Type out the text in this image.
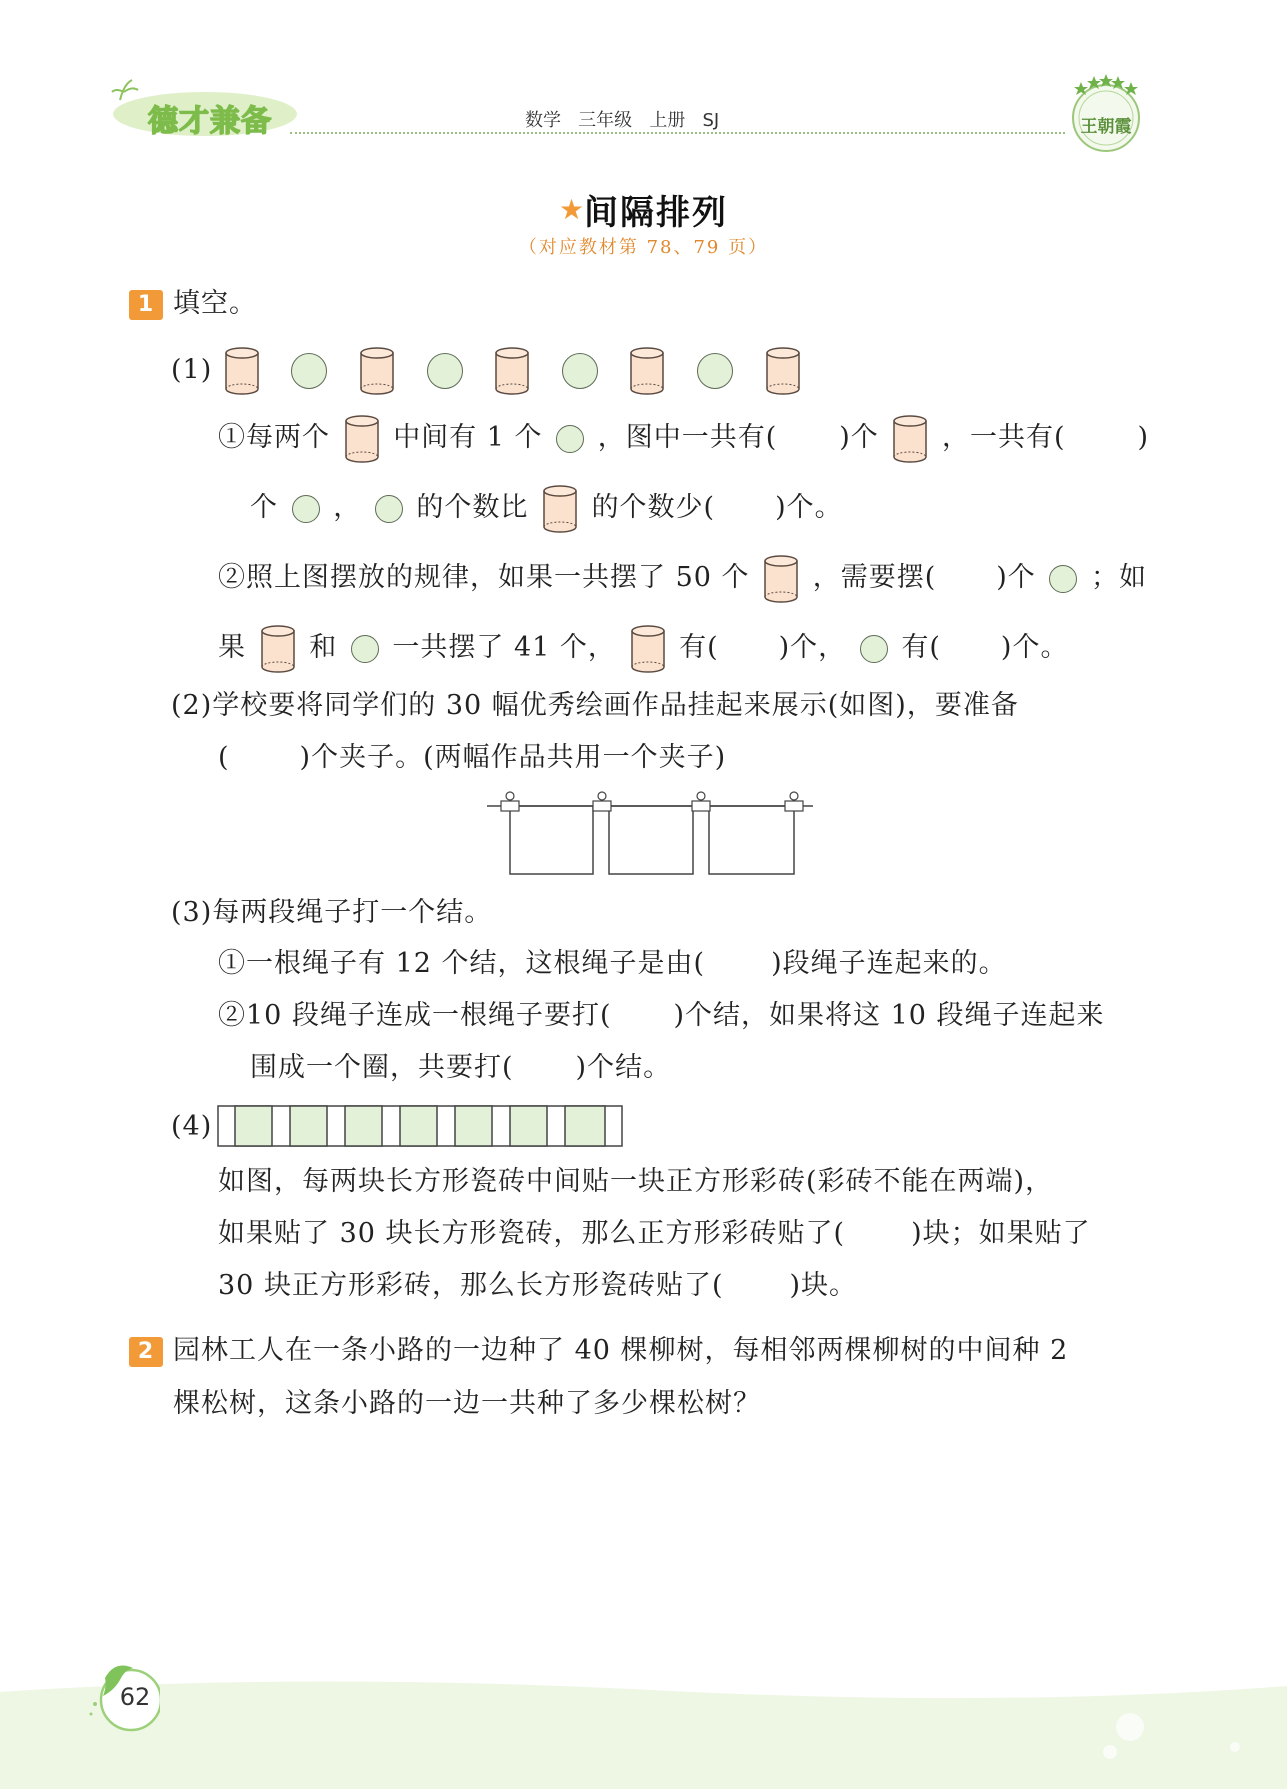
德才兼备	数学   三年级   上册   SJ	王朝霞
★间隔排列
（对应教材第 78、79 页）
1 填空。
(1)
①每两个 中间有 1 个 ，图中一共有( )个 ，一共有(	)
个 ， 的个数比 的个数少( )个。
②照上图摆放的规律，如果一共摆了 50 个 ，需要摆( )个 ；如
果 和 一共摆了 41 个， 有( )个， 有( )个。
(2)学校要将同学们的 30 幅优秀绘画作品挂起来展示(如图)，要准备
(	)个夹子。(两幅作品共用一个夹子)
(3)每两段绳子打一个结。
①一根绳子有 12 个结，这根绳子是由( )段绳子连起来的。
②10 段绳子连成一根绳子要打( )个结，如果将这 10 段绳子连起来
围成一个圈，共要打( )个结。
(4)
如图，每两块长方形瓷砖中间贴一块正方形彩砖(彩砖不能在两端)，
如果贴了 30 块长方形瓷砖，那么正方形彩砖贴了( )块；如果贴了
30 块正方形彩砖，那么长方形瓷砖贴了( )块。
2 园林工人在一条小路的一边种了 40 棵柳树，每相邻两棵柳树的中间种 2
棵松树，这条小路的一边一共种了多少棵松树？
62
